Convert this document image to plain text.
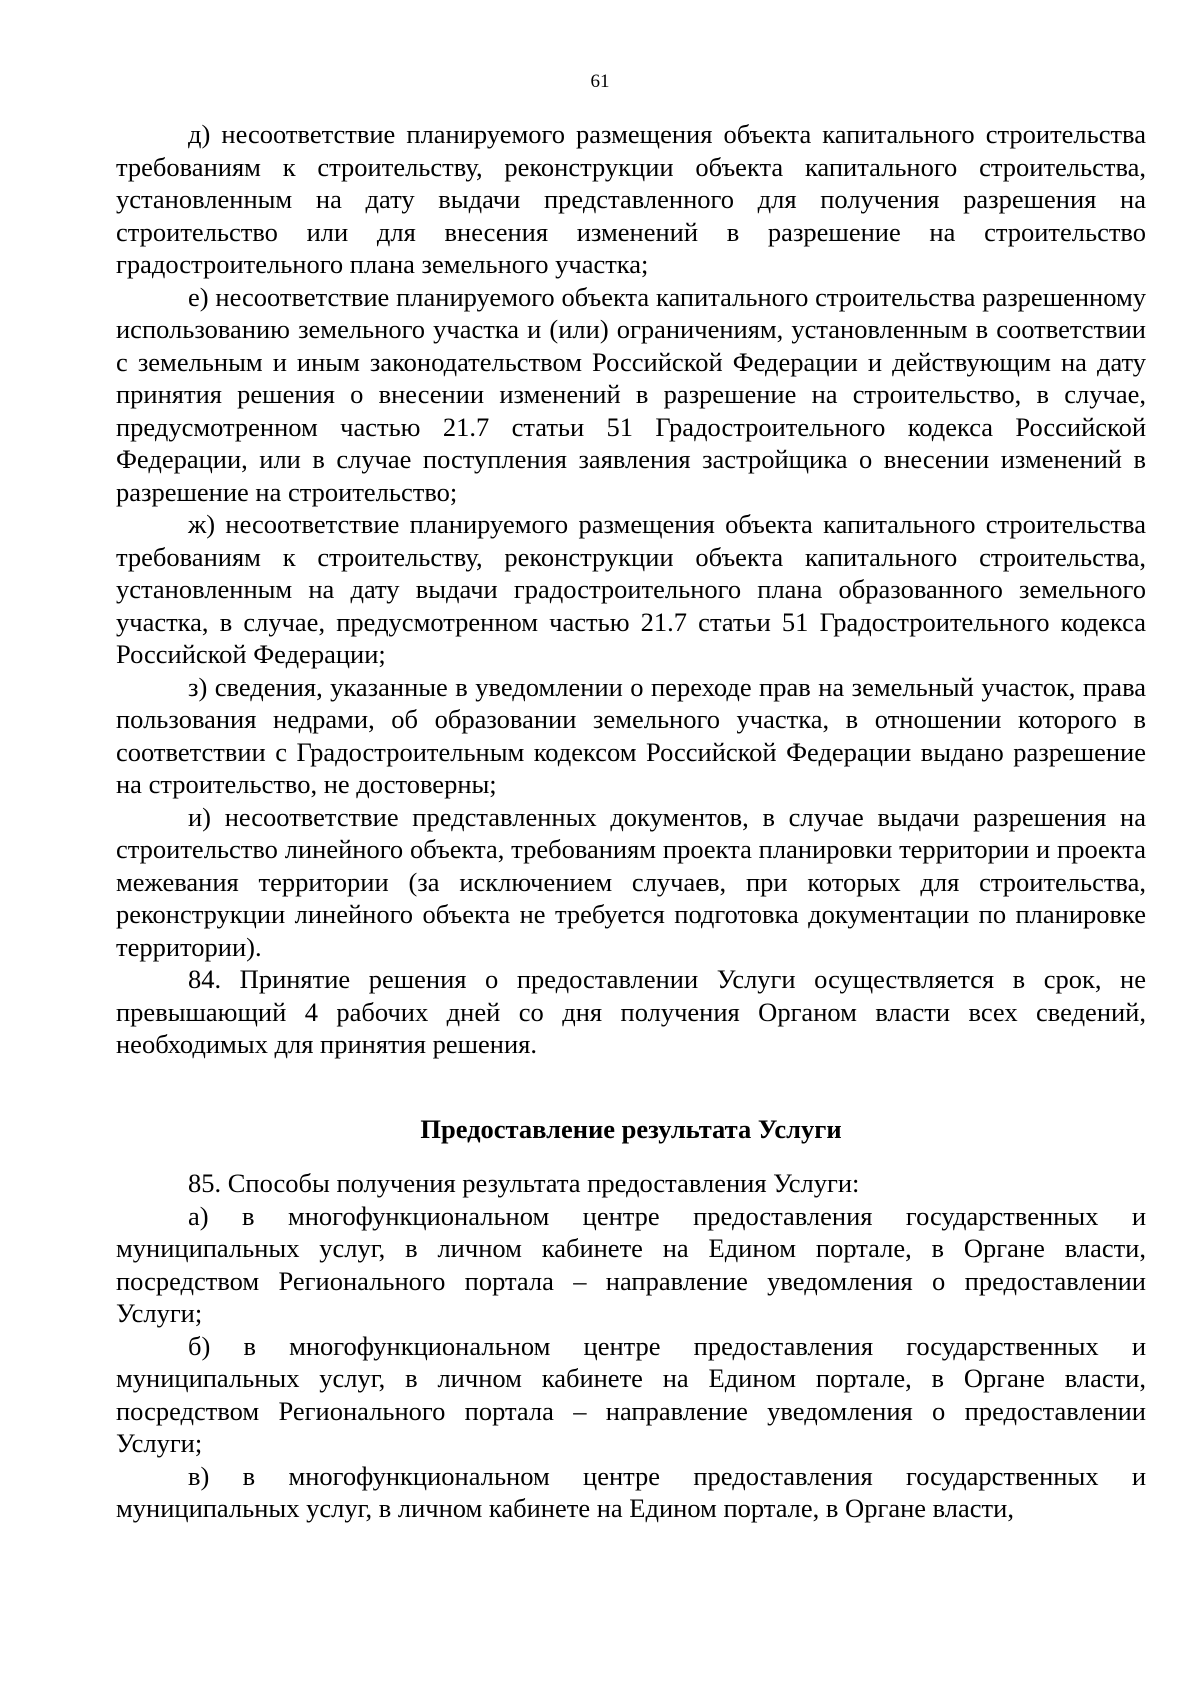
61

д) несоответствие планируемого размещения объекта капитального строительства требованиям к строительству, реконструкции объекта капитального строительства, установленным на дату выдачи представленного для получения разрешения на строительство или для внесения изменений в разрешение на строительство градостроительного плана земельного участка;

е) несоответствие планируемого объекта капитального строительства разрешенному использованию земельного участка и (или) ограничениям, установленным в соответствии с земельным и иным законодательством Российской Федерации и действующим на дату принятия решения о внесении изменений в разрешение на строительство, в случае, предусмотренном частью 21.7 статьи 51 Градостроительного кодекса Российской Федерации, или в случае поступления заявления застройщика о внесении изменений в разрешение на строительство;

ж) несоответствие планируемого размещения объекта капитального строительства требованиям к строительству, реконструкции объекта капитального строительства, установленным на дату выдачи градостроительного плана образованного земельного участка, в случае, предусмотренном частью 21.7 статьи 51 Градостроительного кодекса Российской Федерации;

з) сведения, указанные в уведомлении о переходе прав на земельный участок, права пользования недрами, об образовании земельного участка, в отношении которого в соответствии с Градостроительным кодексом Российской Федерации выдано разрешение на строительство, не достоверны;

и) несоответствие представленных документов, в случае выдачи разрешения на строительство линейного объекта, требованиям проекта планировки территории и проекта межевания территории (за исключением случаев, при которых для строительства, реконструкции линейного объекта не требуется подготовка документации по планировке территории).

84. Принятие решения о предоставлении Услуги осуществляется в срок, не превышающий 4 рабочих дней со дня получения Органом власти всех сведений, необходимых для принятия решения.

Предоставление результата Услуги

85. Способы получения результата предоставления Услуги:

а) в многофункциональном центре предоставления государственных и муниципальных услуг, в личном кабинете на Едином портале, в Органе власти, посредством Регионального портала – направление уведомления о предоставлении Услуги;

б) в многофункциональном центре предоставления государственных и муниципальных услуг, в личном кабинете на Едином портале, в Органе власти, посредством Регионального портала – направление уведомления о предоставлении Услуги;

в) в многофункциональном центре предоставления государственных и муниципальных услуг, в личном кабинете на Едином портале, в Органе власти,
